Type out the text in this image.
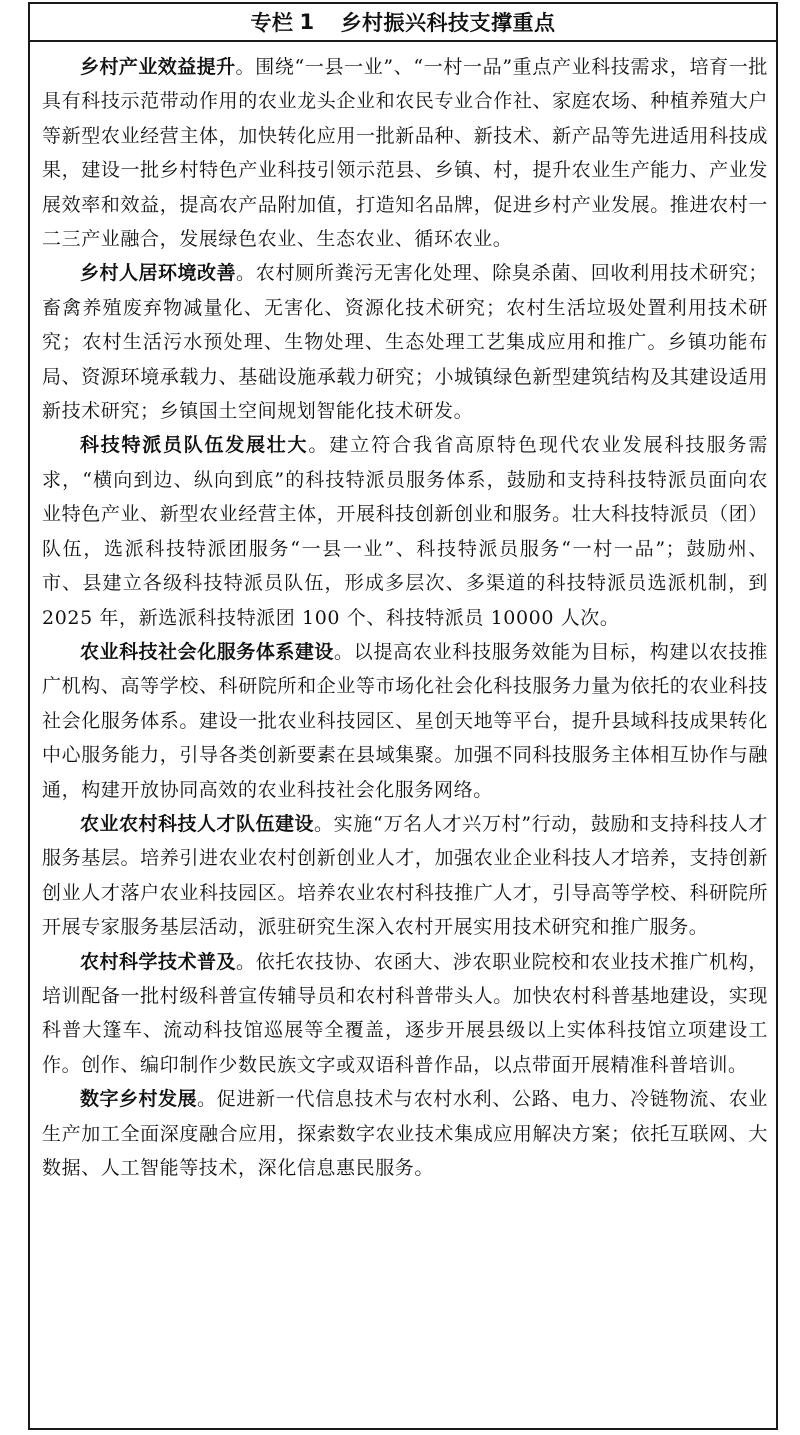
专栏 1 乡村振兴科技支撑重点

乡村产业效益提升。围绕“一县一业”、“一村一品”重点产业科技需求，培育一批具有科技示范带动作用的农业龙头企业和农民专业合作社、家庭农场、种植养殖大户等新型农业经营主体，加快转化应用一批新品种、新技术、新产品等先进适用科技成果，建设一批乡村特色产业科技引领示范县、乡镇、村，提升农业生产能力、产业发展效率和效益，提高农产品附加值，打造知名品牌，促进乡村产业发展。推进农村一二三产业融合，发展绿色农业、生态农业、循环农业。

乡村人居环境改善。农村厕所粪污无害化处理、除臭杀菌、回收利用技术研究；畜禽养殖废弃物减量化、无害化、资源化技术研究；农村生活垃圾处置利用技术研究；农村生活污水预处理、生物处理、生态处理工艺集成应用和推广。乡镇功能布局、资源环境承载力、基础设施承载力研究；小城镇绿色新型建筑结构及其建设适用新技术研究；乡镇国土空间规划智能化技术研发。

科技特派员队伍发展壮大。建立符合我省高原特色现代农业发展科技服务需求，“横向到边、纵向到底”的科技特派员服务体系，鼓励和支持科技特派员面向农业特色产业、新型农业经营主体，开展科技创新创业和服务。壮大科技特派员（团）队伍，选派科技特派团服务“一县一业”、科技特派员服务“一村一品”；鼓励州、市、县建立各级科技特派员队伍，形成多层次、多渠道的科技特派员选派机制，到 2025 年，新选派科技特派团 100 个、科技特派员 10000 人次。

农业科技社会化服务体系建设。以提高农业科技服务效能为目标，构建以农技推广机构、高等学校、科研院所和企业等市场化社会化科技服务力量为依托的农业科技社会化服务体系。建设一批农业科技园区、星创天地等平台，提升县域科技成果转化中心服务能力，引导各类创新要素在县域集聚。加强不同科技服务主体相互协作与融通，构建开放协同高效的农业科技社会化服务网络。

农业农村科技人才队伍建设。实施“万名人才兴万村”行动，鼓励和支持科技人才服务基层。培养引进农业农村创新创业人才，加强农业企业科技人才培养，支持创新创业人才落户农业科技园区。培养农业农村科技推广人才，引导高等学校、科研院所开展专家服务基层活动，派驻研究生深入农村开展实用技术研究和推广服务。

农村科学技术普及。依托农技协、农函大、涉农职业院校和农业技术推广机构，培训配备一批村级科普宣传辅导员和农村科普带头人。加快农村科普基地建设，实现科普大篷车、流动科技馆巡展等全覆盖，逐步开展县级以上实体科技馆立项建设工作。创作、编印制作少数民族文字或双语科普作品，以点带面开展精准科普培训。

数字乡村发展。促进新一代信息技术与农村水利、公路、电力、冷链物流、农业生产加工全面深度融合应用，探索数字农业技术集成应用解决方案；依托互联网、大数据、人工智能等技术，深化信息惠民服务。
